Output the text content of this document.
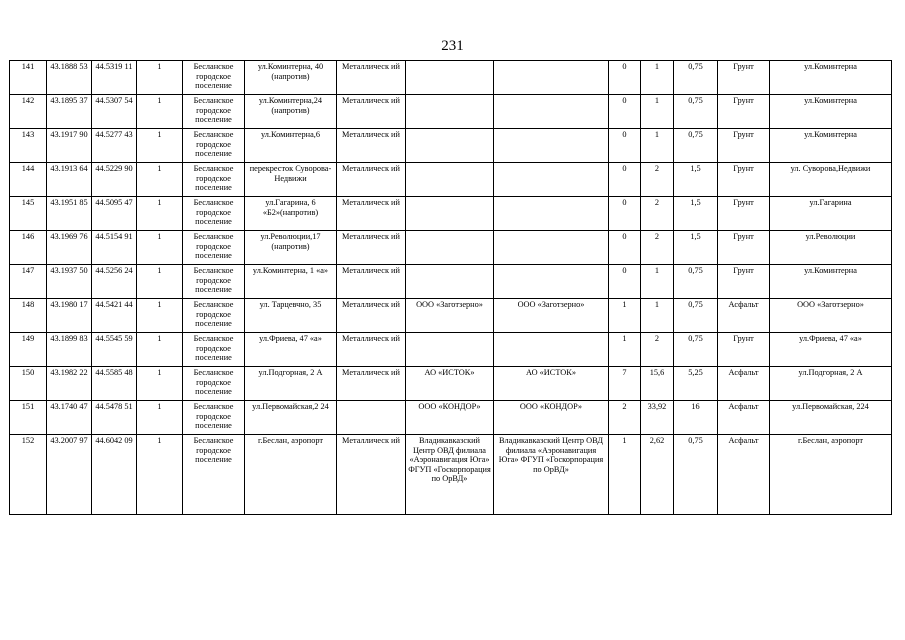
231
141	43.1888 53	44.5319 11	1	Бесланское городское поселение	ул.Коминтерна, 40 (напротив)	Металлическ ий			0	1	0,75	Грунт	ул.Коминтерна
142	43.1895 37	44.5307 54	1	Бесланское городское поселение	ул.Коминтерна,24 (напротив)	Металлическ ий			0	1	0,75	Грунт	ул.Коминтерна
143	43.1917 90	44.5277 43	1	Бесланское городское поселение	ул.Коминтерна,6	Металлическ ий			0	1	0,75	Грунт	ул.Коминтерна
144	43.1913 64	44.5229 90	1	Бесланское городское поселение	перекресток Суворова-Недвижи	Металлическ ий			0	2	1,5	Грунт	ул. Суворова,Недвижи
145	43.1951 85	44.5095 47	1	Бесланское городское поселение	ул.Гагарина, 6 «Б2»(напротив)	Металлическ ий			0	2	1,5	Грунт	ул.Гагарина
146	43.1969 76	44.5154 91	1	Бесланское городское поселение	ул.Революции,17 (напротив)	Металлическ ий			0	2	1,5	Грунт	ул.Революции
147	43.1937 50	44.5256 24	1	Бесланское городское поселение	ул.Коминтерна, 1 «а»	Металлическ ий			0	1	0,75	Грунт	ул.Коминтерна
148	43.1980 17	44.5421 44	1	Бесланское городское поселение	ул. Тарцевчно, 35	Металлическ ий	ООО «Заготзерно»	ООО «Заготзерно»	1	1	0,75	Асфальт	ООО «Заготзерно»
149	43.1899 83	44.5545 59	1	Бесланское городское поселение	ул.Фриева, 47 «а»	Металлическ ий			1	2	0,75	Грунт	ул.Фриева, 47 «а»
150	43.1982 22	44.5585 48	1	Бесланское городское поселение	ул.Подгорная, 2 А	Металлическ ий	АО «ИСТОК»	АО «ИСТОК»	7	15,6	5,25	Асфальт	ул.Подгорная, 2 А
151	43.1740 47	44.5478 51	1	Бесланское городское поселение	ул.Первомайская,2 24		ООО «КОНДОР»	ООО «КОНДОР»	2	33,92	16	Асфальт	ул.Первомайская, 224
152	43.2007 97	44.6042 09	1	Бесланское городское поселение	г.Беслан, аэропорт	Металлическ ий	Владикавказский Центр ОВД филиала «Аэронавигация Юга» ФГУП «Госкорпорация по ОрВД»	Владикавказский Центр ОВД филиала «Аэронавигация Юга» ФГУП «Госкорпорация по ОрВД»	1	2,62	0,75	Асфальт	г.Беслан, аэропорт
